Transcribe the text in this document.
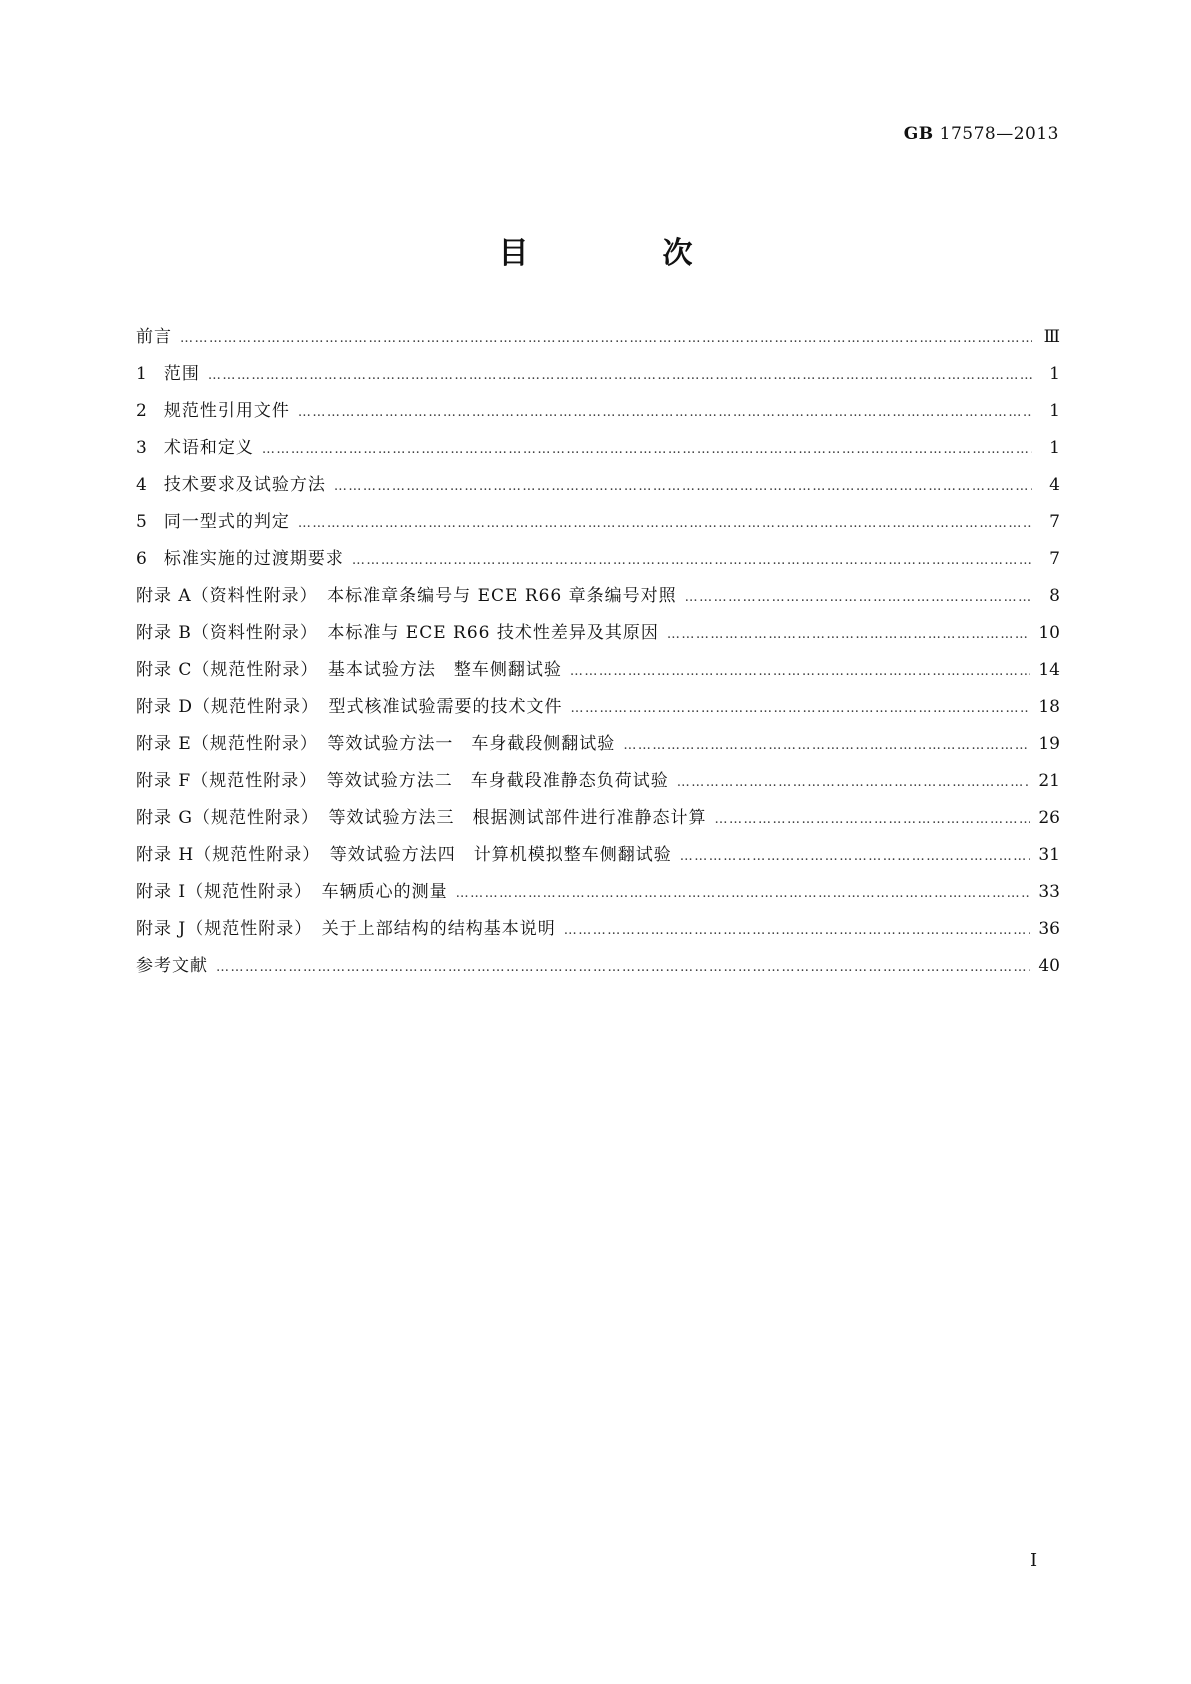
GB 17578—2013
目　次
前言 ……………………………………………………………………………………………………………………………………………………………………………………………………	Ⅲ
1 范围 ……………………………………………………………………………………………………………………………………………………………………………………………………	1
2 规范性引用文件 ……………………………………………………………………………………………………………………………………………………………………………………………………	1
3 术语和定义 ……………………………………………………………………………………………………………………………………………………………………………………………………	1
4 技术要求及试验方法 ……………………………………………………………………………………………………………………………………………………………………………………………………	4
5 同一型式的判定 ……………………………………………………………………………………………………………………………………………………………………………………………………	7
6 标准实施的过渡期要求 ……………………………………………………………………………………………………………………………………………………………………………………………………	7
附录 A（资料性附录）　本标准章条编号与 ECE R66 章条编号对照 ……………………………………………………………………………………………………………………………………………………………………………………………………	8
附录 B（资料性附录）　本标准与 ECE R66 技术性差异及其原因 ……………………………………………………………………………………………………………………………………………………………………………………………………	10
附录 C（规范性附录）　基本试验方法　整车侧翻试验 ……………………………………………………………………………………………………………………………………………………………………………………………………	14
附录 D（规范性附录）　型式核准试验需要的技术文件 ……………………………………………………………………………………………………………………………………………………………………………………………………	18
附录 E（规范性附录）　等效试验方法一　车身截段侧翻试验 ……………………………………………………………………………………………………………………………………………………………………………………………………	19
附录 F（规范性附录）　等效试验方法二　车身截段准静态负荷试验 ……………………………………………………………………………………………………………………………………………………………………………………………………	21
附录 G（规范性附录）　等效试验方法三　根据测试部件进行准静态计算 ……………………………………………………………………………………………………………………………………………………………………………………………………	26
附录 H（规范性附录）　等效试验方法四　计算机模拟整车侧翻试验 ……………………………………………………………………………………………………………………………………………………………………………………………………	31
附录 I（规范性附录）　车辆质心的测量 ……………………………………………………………………………………………………………………………………………………………………………………………………	33
附录 J（规范性附录）　关于上部结构的结构基本说明 ……………………………………………………………………………………………………………………………………………………………………………………………………	36
参考文献 ……………………………………………………………………………………………………………………………………………………………………………………………………	40
I
